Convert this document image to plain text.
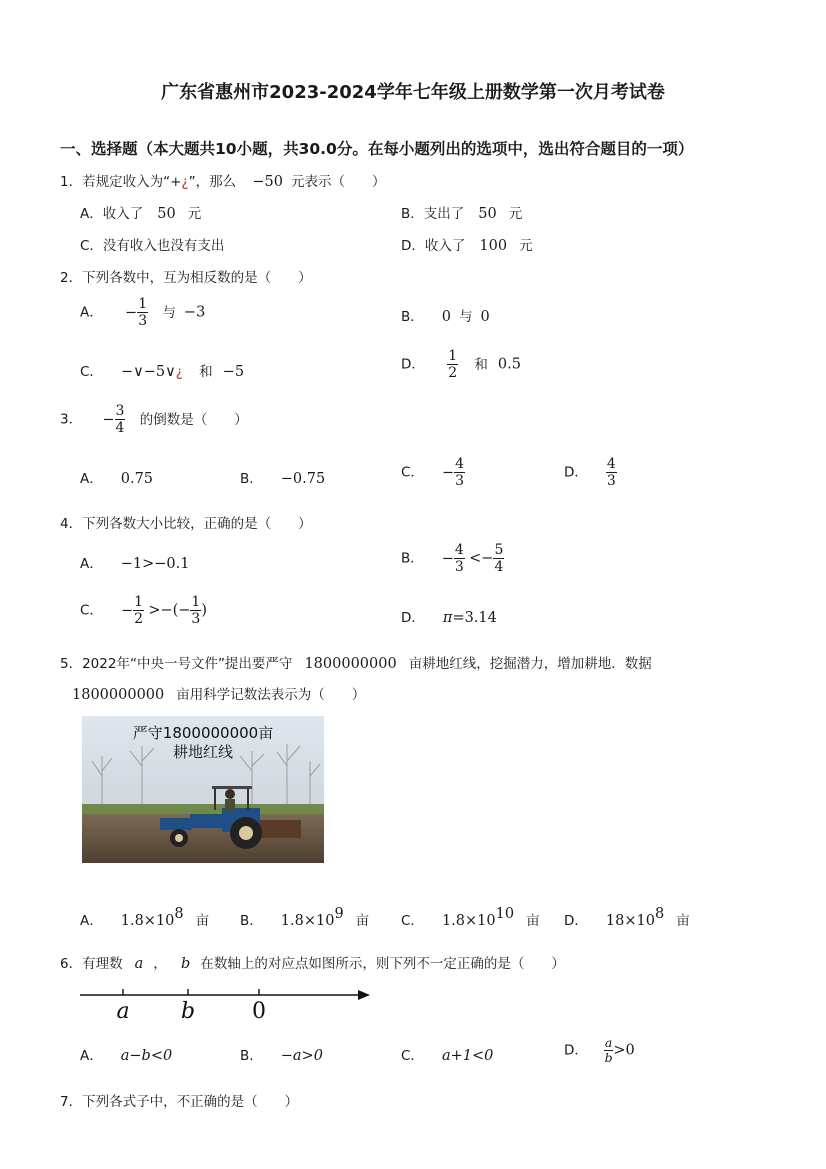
广东省惠州市2023-2024学年七年级上册数学第一次月考试卷
一、选择题（本大题共10小题，共30.0分。在每小题列出的选项中，选出符合题目的一项）
1．若规定收入为“+¿”，那么 −50 元表示（　　）
A．收入了 50 元	B．支出了 50 元
C．没有收入也没有支出	D．收入了 100 元
2．下列各数中，互为相反数的是（　　）
A． − $\frac{1}{3}$ 与 −3	B． 0 与 0
C． −∨−5∨¿ 和 −5	D． $\frac{1}{2}$ 和 0.5
3． − $\frac{3}{4}$ 的倒数是（　　）
A． 0.75	B． −0.75	C． − $\frac{4}{3}$	D． $\frac{4}{3}$
4．下列各数大小比较，正确的是（　　）
A． −1>−0.1	B． − $\frac{4}{3} <- \frac{5}{4}$
C． − $\frac{1}{2}$ >−(− $\frac{1}{3}$ )	D． π=3.14
5．2022年“中央一号文件”提出要严守 1800000000 亩耕地红线，挖掘潜力，增加耕地．数据
1800000000 亩用科学记数法表示为（　　）
严守1800000000亩
耕地红线
A． $1.8\times 10^8$ 亩 B． $1.8\times 10^9$ 亩 C． $1.8\times 10^{10}$ 亩 D． $18\times 10^8$ 亩
6．有理数 a ， b 在数轴上的对应点如图所示，则下列不一定正确的是（　　）
a b	0
A． a−b<0	B． −a>0	C． a+1<0	D． $\frac{a}{b} >0$
7．下列各式子中，不正确的是（　　）
